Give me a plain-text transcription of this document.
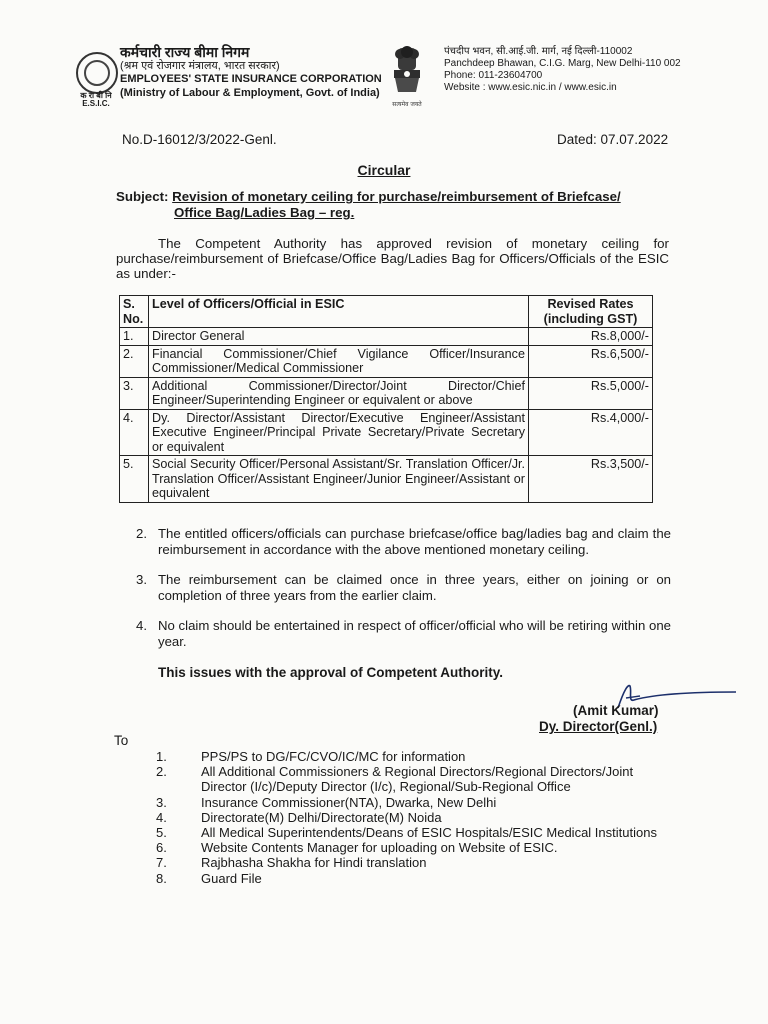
क रा बी नि
E.S.I.C.
कर्मचारी राज्य बीमा निगम
(श्रम एवं रोजगार मंत्रालय, भारत सरकार)
EMPLOYEES' STATE INSURANCE CORPORATION
(Ministry of Labour & Employment, Govt. of India)
सत्यमेव जयते
पंचदीप भवन, सी.आई.जी. मार्ग, नई दिल्ली-110002
Panchdeep Bhawan, C.I.G. Marg, New Delhi-110 002
Phone: 011-23604700
Website : www.esic.nic.in / www.esic.in
No.D-16012/3/2022-Genl.	Dated: 07.07.2022
Circular
Subject: Revision of monetary ceiling for purchase/reimbursement of Briefcase/
Office Bag/Ladies Bag – reg.
The Competent Authority has approved revision of monetary ceiling for purchase/reimbursement of Briefcase/Office Bag/Ladies Bag for Officers/Officials of the ESIC as under:-
S. No.	Level of Officers/Official in ESIC	Revised Rates (including GST)
1.	Director General	Rs.8,000/-
2.	Financial Commissioner/Chief Vigilance Officer/Insurance Commissioner/Medical Commissioner	Rs.6,500/-
3.	Additional Commissioner/Director/Joint Director/Chief Engineer/Superintending Engineer or equivalent or above	Rs.5,000/-
4.	Dy. Director/Assistant Director/Executive Engineer/Assistant Executive Engineer/Principal Private Secretary/Private Secretary or equivalent	Rs.4,000/-
5.	Social Security Officer/Personal Assistant/Sr. Translation Officer/Jr. Translation Officer/Assistant Engineer/Junior Engineer/Assistant or equivalent	Rs.3,500/-
2. The entitled officers/officials can purchase briefcase/office bag/ladies bag and claim the reimbursement in accordance with the above mentioned monetary ceiling.
3. The reimbursement can be claimed once in three years, either on joining or on completion of three years from the earlier claim.
4. No claim should be entertained in respect of officer/official who will be retiring within one year.
This issues with the approval of Competent Authority.
(Amit Kumar)
Dy. Director(Genl.)
To
1.	PPS/PS to DG/FC/CVO/IC/MC for information
2.	All Additional Commissioners & Regional Directors/Regional Directors/Joint Director (I/c)/Deputy Director (I/c), Regional/Sub-Regional Office
3.	Insurance Commissioner(NTA), Dwarka, New Delhi
4.	Directorate(M) Delhi/Directorate(M) Noida
5.	All Medical Superintendents/Deans of ESIC Hospitals/ESIC Medical Institutions
6.	Website Contents Manager for uploading on Website of ESIC.
7.	Rajbhasha Shakha for Hindi translation
8.	Guard File
